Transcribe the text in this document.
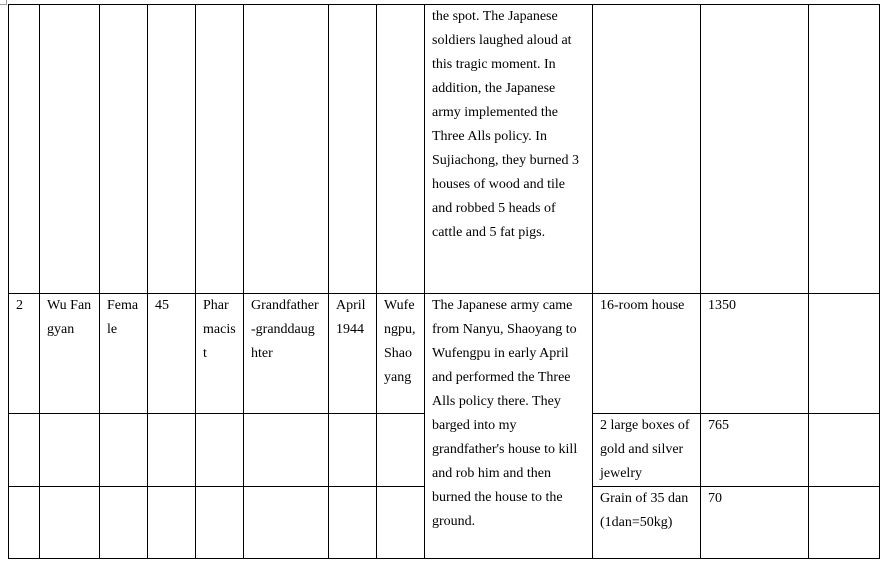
								the spot. The Japanese soldiers laughed aloud at this tragic moment. In addition, the Japanese army implemented the Three Alls policy. In Sujiachong, they burned 3 houses of wood and tile and robbed 5 heads of cattle and 5 fat pigs.			
2	Wu Fangyan	Female	45	Pharmacist	Grandfather-granddaughter	April 1944	Wufengpu, Shaoyang	The Japanese army came from Nanyu, Shaoyang to Wufengpu in early April and performed the Three Alls policy there. They barged into my grandfather's house to kill and rob him and then burned the house to the ground.	16-room house	1350	
									2 large boxes of gold and silver jewelry	765	
									Grain of 35 dan (1dan=50kg)	70	
